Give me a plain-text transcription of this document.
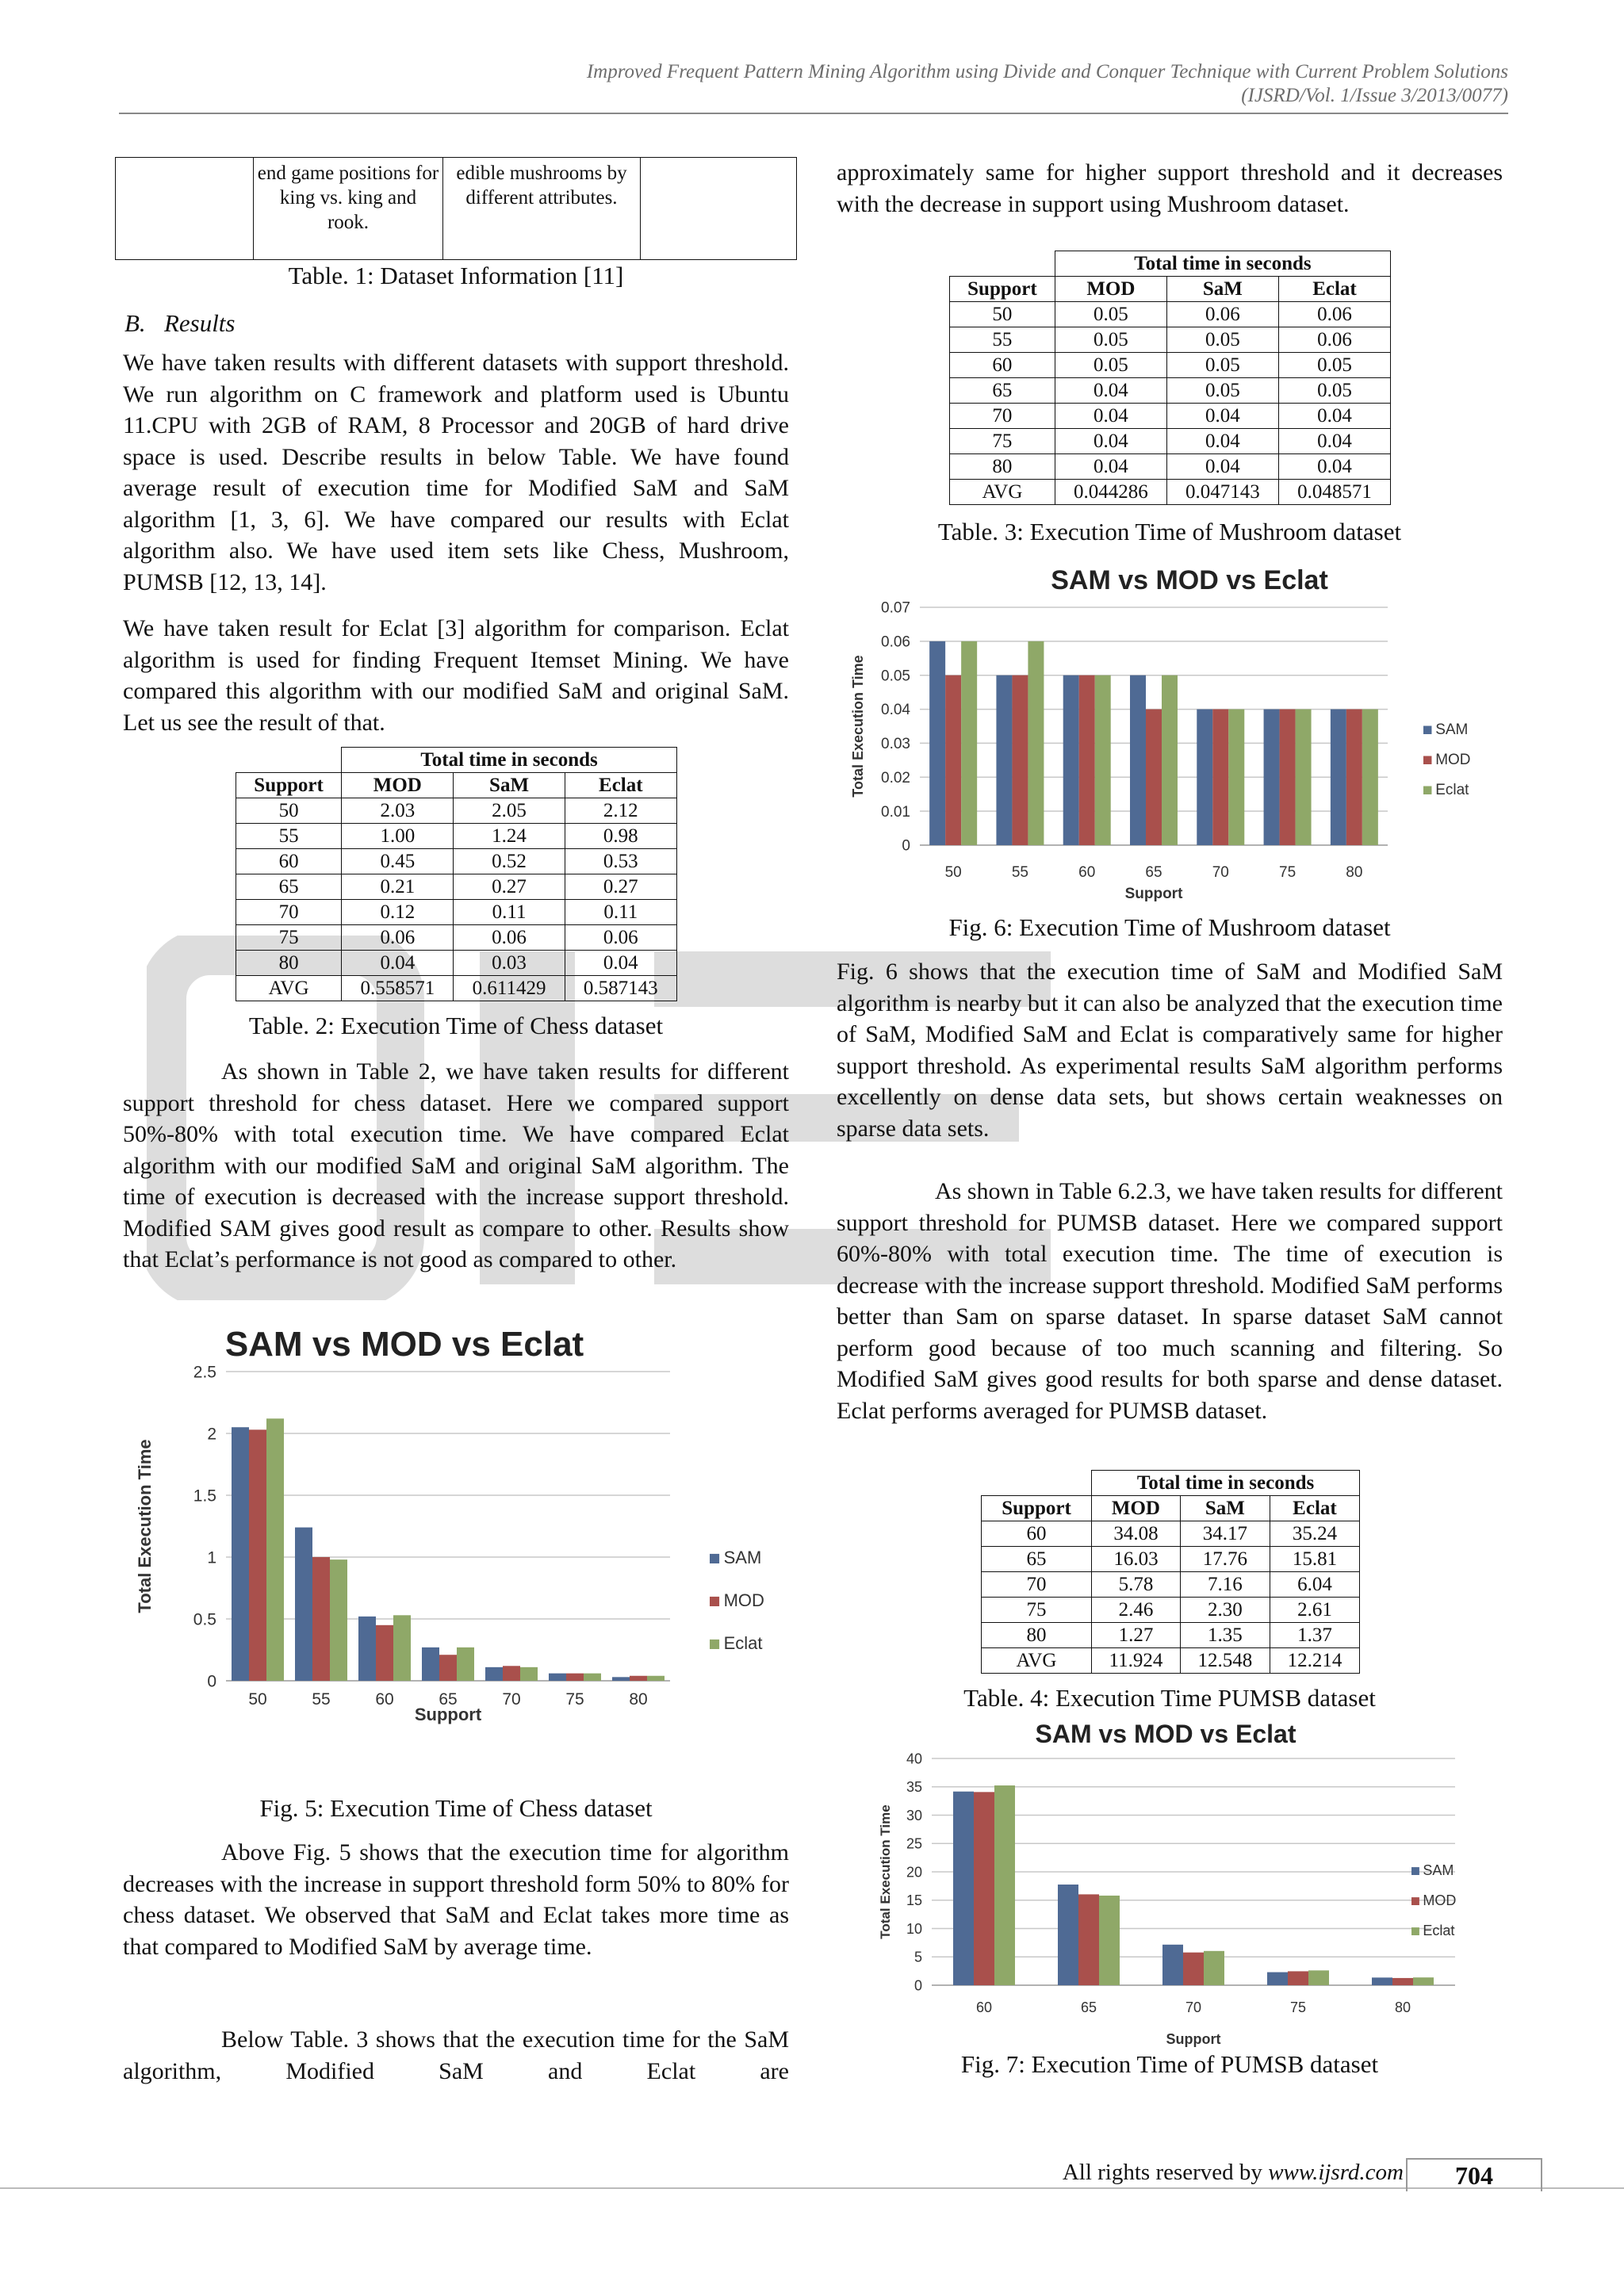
Improved Frequent Pattern Mining Algorithm using Divide and Conquer Technique with Current Problem Solutions
(IJSRD/Vol. 1/Issue 3/2013/0077)
	end game positions for king vs. king and rook.	edible mushrooms by different attributes.	
Table. 1: Dataset Information [11]
B. Results

We have taken results with different datasets with support threshold. We run algorithm on C framework and platform used is Ubuntu 11.CPU with 2GB of RAM, 8 Processor and 20GB of hard drive space is used. Describe results in below Table. We have found average result of execution time for Modified SaM and SaM algorithm [1, 3, 6]. We have compared our results with Eclat algorithm also. We have used item sets like Chess, Mushroom, PUMSB [12, 13, 14].

We have taken result for Eclat [3] algorithm for comparison. Eclat algorithm is used for finding Frequent Itemset Mining. We have compared this algorithm with our modified SaM and original SaM. Let us see the result of that.

	Total time in seconds		
Support	MOD	SaM	Eclat
50	2.03	2.05	2.12
55	1.00	1.24	0.98
60	0.45	0.52	0.53
65	0.21	0.27	0.27
70	0.12	0.11	0.11
75	0.06	0.06	0.06
80	0.04	0.03	0.04
AVG	0.558571	0.611429	0.587143
Table. 2: Execution Time of Chess dataset

As shown in Table 2, we have taken results for different support threshold for chess dataset. Here we compared support 50%-80% with total execution time. We have compared Eclat algorithm with our modified SaM and original SaM algorithm. The time of execution is decreased with the increase support threshold. Modified SAM gives good result as compare to other. Results show that Eclat’s performance is not good as compared to other.

SAM vs MOD vs Eclat
0
0.5
1
1.5
2
2.5
50	55	60	65	70	75	80
Support
Total Execution Time	SAM
MOD
Eclat
Fig. 5: Execution Time of Chess dataset

Above Fig. 5 shows that the execution time for algorithm decreases with the increase in support threshold form 50% to 80% for chess dataset. We observed that SaM and Eclat takes more time as that compared to Modified SaM by average time.

Below Table. 3 shows that the execution time for the SaM algorithm, Modified SaM and Eclat are

approximately same for higher support threshold and it decreases with the decrease in support using Mushroom dataset.

	Total time in seconds		
Support	MOD	SaM	Eclat
50	0.05	0.06	0.06
55	0.05	0.05	0.06
60	0.05	0.05	0.05
65	0.04	0.05	0.05
70	0.04	0.04	0.04
75	0.04	0.04	0.04
80	0.04	0.04	0.04
AVG	0.044286	0.047143	0.048571
Table. 3: Execution Time of Mushroom dataset
SAM vs MOD vs Eclat
0
0.01
0.02
0.03
0.04
0.05
0.06
0.07
50	55	60	65	70	75	80
Support
Total Execution Time	SAM
MOD
Eclat
Fig. 6: Execution Time of Mushroom dataset

Fig. 6 shows that the execution time of SaM and Modified SaM algorithm is nearby but it can also be analyzed that the execution time of SaM, Modified SaM and Eclat is comparatively same for higher support threshold. As experimental results SaM algorithm performs excellently on dense data sets, but shows certain weaknesses on sparse data sets.

As shown in Table 6.2.3, we have taken results for different support threshold for PUMSB dataset. Here we compared support 60%-80% with total execution time. The time of execution is decrease with the increase support threshold. Modified SaM performs better than Sam on sparse dataset. In sparse dataset SaM cannot perform good because of too much scanning and filtering. So Modified SaM gives good results for both sparse and dense dataset. Eclat performs averaged for PUMSB dataset.

	Total time in seconds		
Support	MOD	SaM	Eclat
60	34.08	34.17	35.24
65	16.03	17.76	15.81
70	5.78	7.16	6.04
75	2.46	2.30	2.61
80	1.27	1.35	1.37
AVG	11.924	12.548	12.214
Table. 4: Execution Time PUMSB dataset
SAM vs MOD vs Eclat
0
5
10
15
20
25
30
35
40
60	65	70	75	80
Support
Total Execution Time	SAM
MOD
Eclat
Fig. 7: Execution Time of PUMSB dataset
All rights reserved by www.ijsrd.com	704
